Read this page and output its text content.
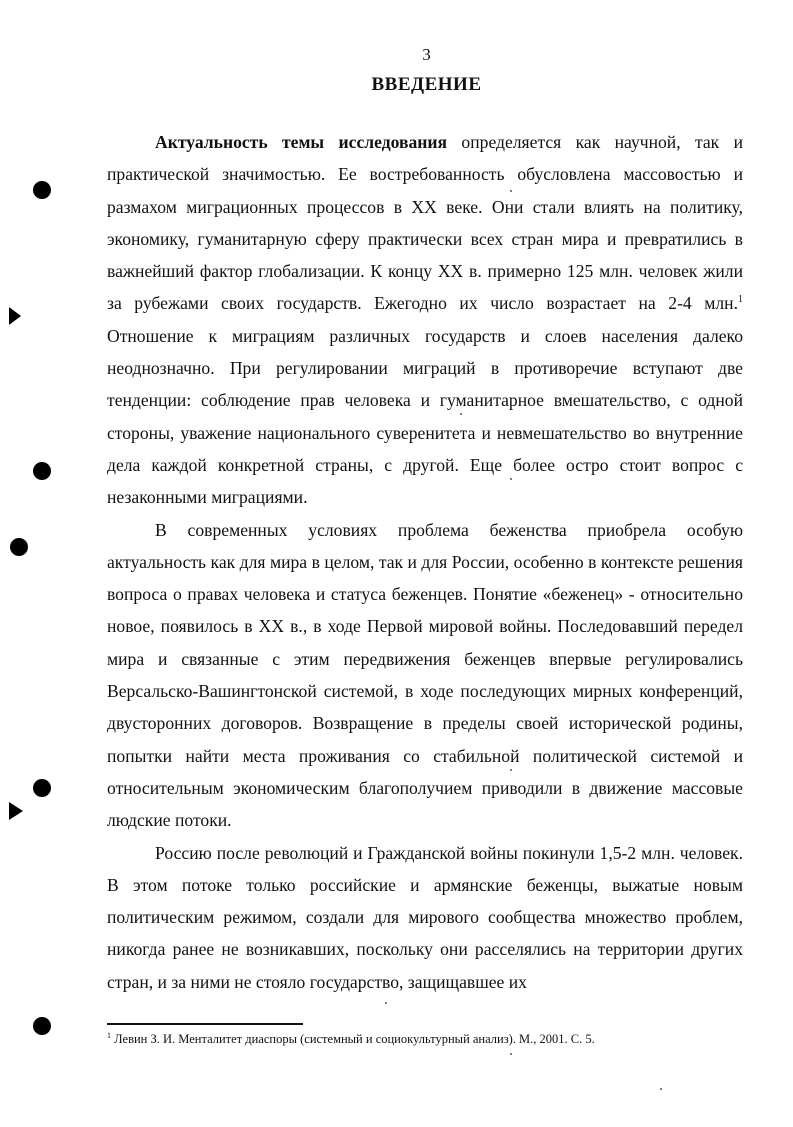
3
ВВЕДЕНИЕ

Актуальность темы исследования определяется как научной, так и практической значимостью. Ее востребованность обусловлена массовостью и размахом миграционных процессов в XX веке. Они стали влиять на политику, экономику, гуманитарную сферу практически всех стран мира и превратились в важнейший фактор глобализации. К концу XX в. примерно 125 млн. человек жили за рубежами своих государств. Ежегодно их число возрастает на 2-4 млн.$^1$ Отношение к миграциям различных государств и слоев населения далеко неоднозначно. При регулировании миграций в противоречие вступают две тенденции: соблюдение прав человека и гуманитарное вмешательство, с одной стороны, уважение национального суверенитета и невмешательство во внутренние дела каждой конкретной страны, с другой. Еще более остро стоит вопрос с незаконными миграциями.

В современных условиях проблема беженства приобрела особую актуальность как для мира в целом, так и для России, особенно в контексте решения вопроса о правах человека и статуса беженцев. Понятие «беженец» - относительно новое, появилось в XX в., в ходе Первой мировой войны. Последовавший передел мира и связанные с этим передвижения беженцев впервые регулировались Версальско-Вашингтонской системой, в ходе последующих мирных конференций, двусторонних договоров. Возвращение в пределы своей исторической родины, попытки найти места проживания со стабильной политической системой и относительным экономическим благополучием приводили в движение массовые людские потоки.

Россию после революций и Гражданской войны покинули 1,5-2 млн. человек. В этом потоке только российские и армянские беженцы, выжатые новым политическим режимом, создали для мирового сообщества множество проблем, никогда ранее не возникавших, поскольку они расселялись на территории других стран, и за ними не стояло государство, защищавшее их

$^1$ Левин З. И. Менталитет диаспоры (системный и социокультурный анализ). М., 2001. С. 5.
